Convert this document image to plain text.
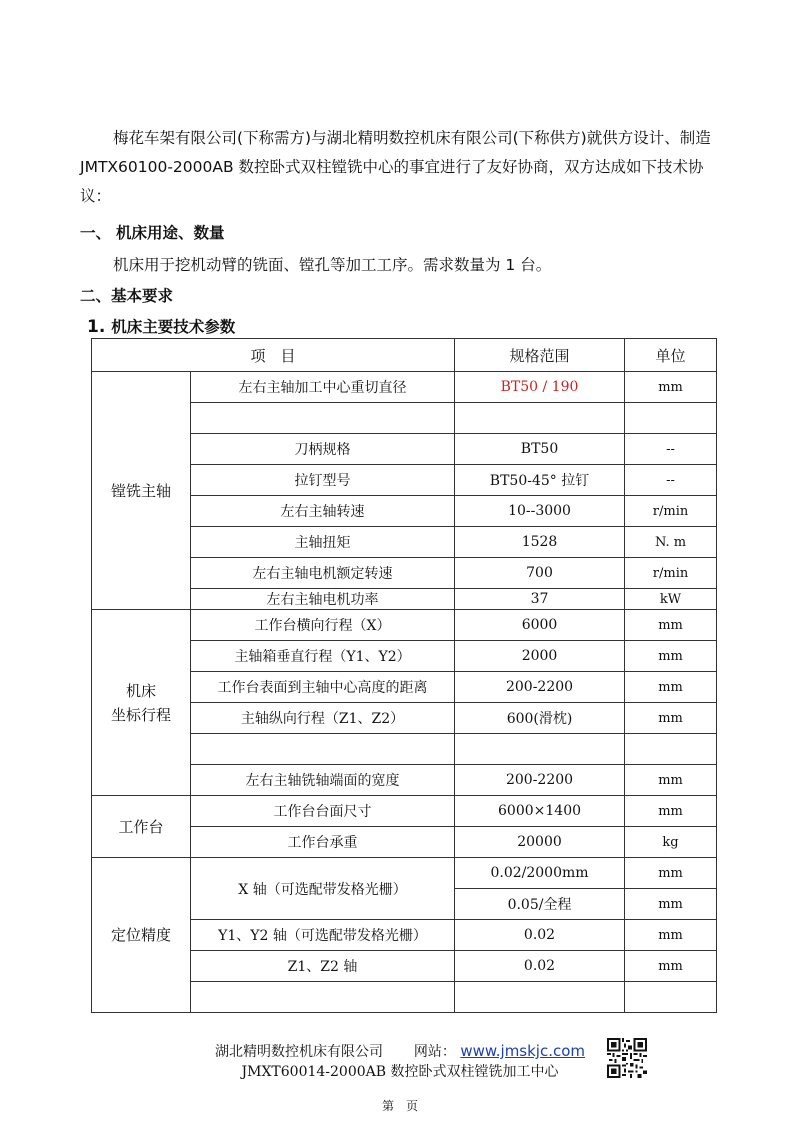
梅花车架有限公司(下称需方)与湖北精明数控机床有限公司(下称供方)就供方设计、制造 JMTX60100-2000AB 数控卧式双柱镗铣中心的事宜进行了友好协商，双方达成如下技术协议：
一、 机床用途、数量
机床用于挖机动臂的铣面、镗孔等加工工序。需求数量为 1 台。
二、基本要求
1. 机床主要技术参数
项　目		规格范围	单位
镗铣主轴	左右主轴加工中心重切直径	BT50 / 190	mm

	刀柄规格	BT50	--
	拉钉型号	BT50-45° 拉钉	--
	左右主轴转速	10--3000	r/min
	主轴扭矩	1528	N. m
	左右主轴电机额定转速	700	r/min
	左右主轴电机功率	37	kW

机床
坐标行程	工作台横向行程（X）	6000	mm
	主轴箱垂直行程（Y1、Y2）	2000	mm
	工作台表面到主轴中心高度的距离	200-2200	mm
	主轴纵向行程（Z1、Z2）	600(滑枕)	mm

	左右主轴铣轴端面的宽度	200-2200	mm
工作台	工作台台面尺寸	6000×1400	mm
	工作台承重	20000	kg
定位精度	X 轴（可选配带发格光栅）	0.02/2000mm	mm
		0.05/全程	mm
	Y1、Y2 轴（可选配带发格光栅）	0.02	mm
	Z1、Z2 轴	0.02	mm

湖北精明数控机床有限公司 网站： www.jmskjc.com
JMXT60014-2000AB 数控卧式双柱镗铣加工中心
第　页
